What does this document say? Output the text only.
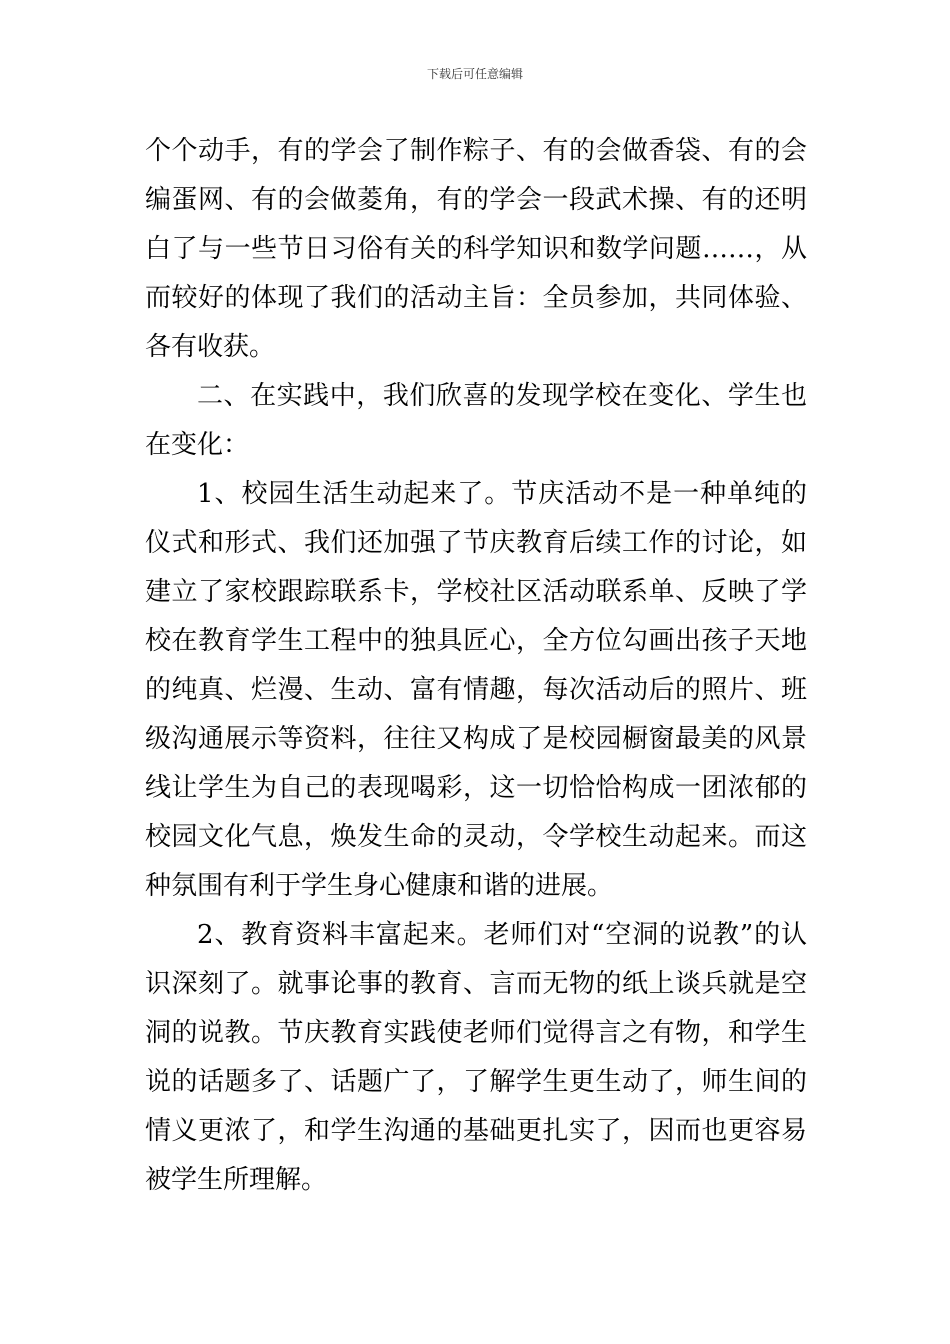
下载后可任意编辑

个个动手，有的学会了制作粽子、有的会做香袋、有的会编蛋网、有的会做菱角，有的学会一段武术操、有的还明白了与一些节日习俗有关的科学知识和数学问题……，从而较好的体现了我们的活动主旨：全员参加，共同体验、各有收获。

二、在实践中，我们欣喜的发现学校在变化、学生也在变化：

1、校园生活生动起来了。节庆活动不是一种单纯的仪式和形式、我们还加强了节庆教育后续工作的讨论，如建立了家校跟踪联系卡，学校社区活动联系单、反映了学校在教育学生工程中的独具匠心，全方位勾画出孩子天地的纯真、烂漫、生动、富有情趣，每次活动后的照片、班级沟通展示等资料，往往又构成了是校园橱窗最美的风景线让学生为自己的表现喝彩，这一切恰恰构成一团浓郁的校园文化气息，焕发生命的灵动，令学校生动起来。而这种氛围有利于学生身心健康和谐的进展。

2、教育资料丰富起来。老师们对“空洞的说教”的认识深刻了。就事论事的教育、言而无物的纸上谈兵就是空洞的说教。节庆教育实践使老师们觉得言之有物，和学生说的话题多了、话题广了，了解学生更生动了，师生间的情义更浓了，和学生沟通的基础更扎实了，因而也更容易被学生所理解。
